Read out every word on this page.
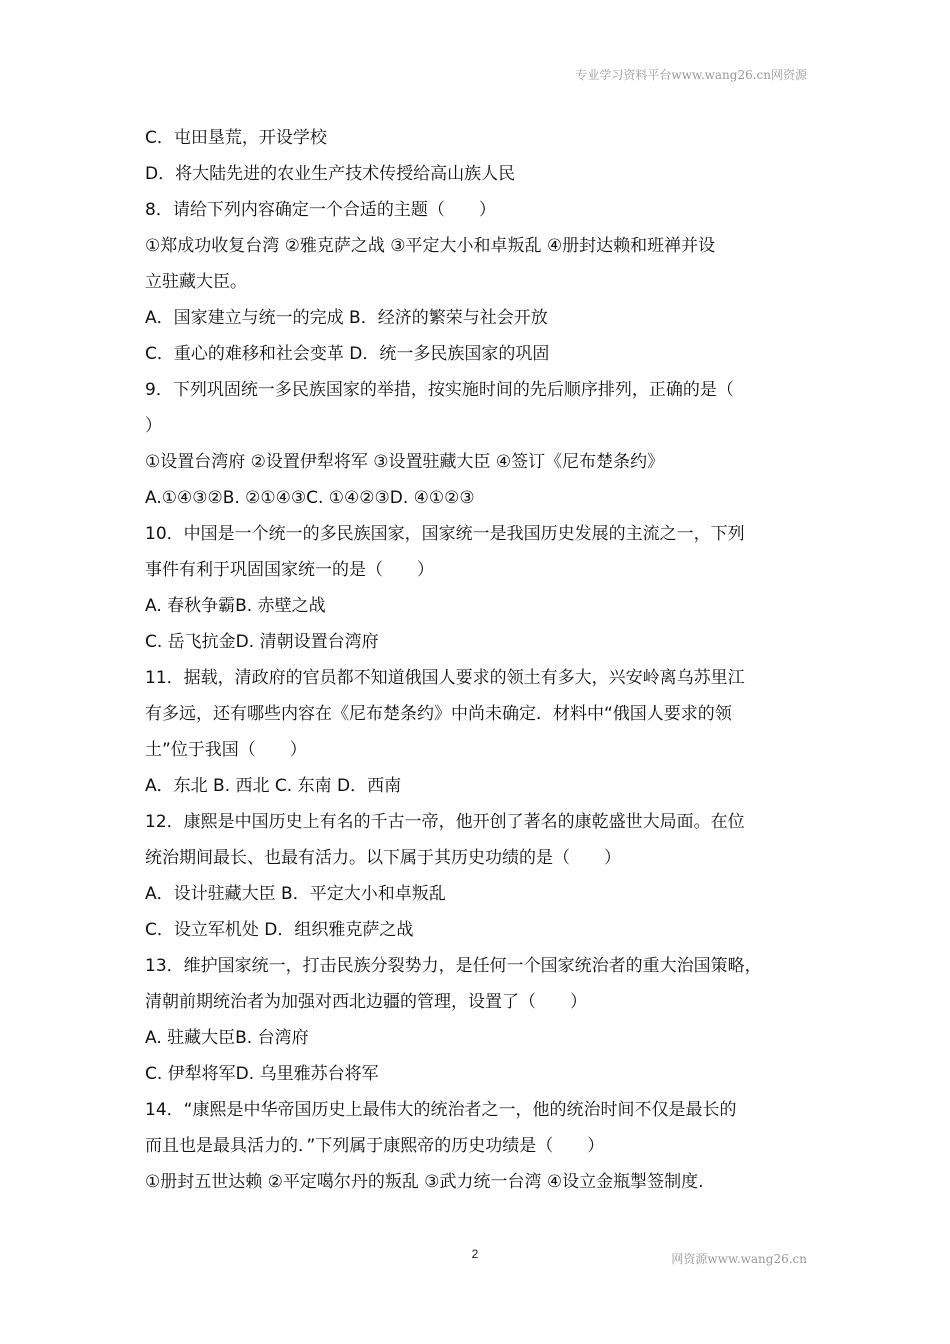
专业学习资料平台www.wang26.cn网资源
C．屯田垦荒，开设学校
D．将大陆先进的农业生产技术传授给高山族人民
8．请给下列内容确定一个合适的主题（　　）
①郑成功收复台湾 ②雅克萨之战 ③平定大小和卓叛乱 ④册封达赖和班禅并设
立驻藏大臣。
A．国家建立与统一的完成 B．经济的繁荣与社会开放
C．重心的难移和社会变革 D．统一多民族国家的巩固
9．下列巩固统一多民族国家的举措，按实施时间的先后顺序排列，正确的是（
）
①设置台湾府 ②设置伊犁将军 ③设置驻藏大臣 ④签订《尼布楚条约》
A.①④③②B. ②①④③C. ①④②③D. ④①②③
10．中国是一个统一的多民族国家，国家统一是我国历史发展的主流之一，下列
事件有利于巩固国家统一的是（　　）
A. 春秋争霸B. 赤壁之战
C. 岳飞抗金D. 清朝设置台湾府
11．据载，清政府的官员都不知道俄国人要求的领土有多大，兴安岭离乌苏里江
有多远，还有哪些内容在《尼布楚条约》中尚未确定．材料中“俄国人要求的领
土”位于我国（　　）
A．东北 B. 西北 C. 东南 D．西南
12．康熙是中国历史上有名的千古一帝，他开创了著名的康乾盛世大局面。在位
统治期间最长、也最有活力。以下属于其历史功绩的是（　　）
A．设计驻藏大臣 B．平定大小和卓叛乱
C．设立军机处 D．组织雅克萨之战
13．维护国家统一，打击民族分裂势力，是任何一个国家统治者的重大治国策略，
清朝前期统治者为加强对西北边疆的管理，设置了（　　）
A. 驻藏大臣B. 台湾府
C. 伊犁将军D. 乌里雅苏台将军
14．“康熙是中华帝国历史上最伟大的统治者之一，他的统治时间不仅是最长的
而且也是最具活力的．”下列属于康熙帝的历史功绩是（　　）
①册封五世达赖 ②平定噶尔丹的叛乱 ③武力统一台湾 ④设立金瓶掣签制度.
2	网资源www.wang26.cn
